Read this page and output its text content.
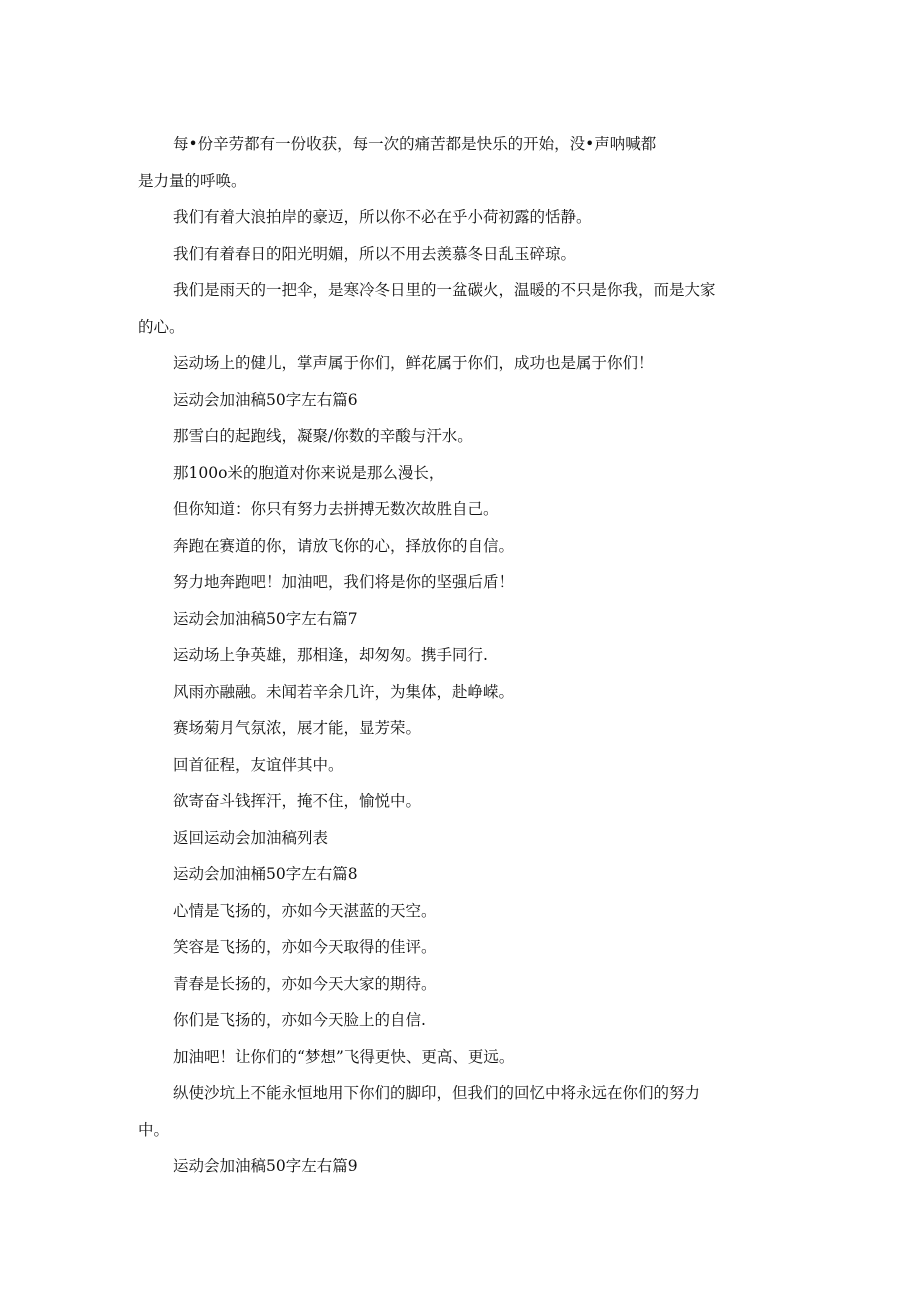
每•份辛劳都有一份收获，每一次的痛苦都是快乐的开始，没•声呐喊都
是力量的呼唤。
我们有着大浪拍岸的豪迈，所以你不必在乎小荷初露的恬静。
我们有着春日的阳光明媚，所以不用去羡慕冬日乱玉碎琼。
我们是雨天的一把伞，是寒冷冬日里的一盆碳火，温暖的不只是你我，而是大家
的心。
运动场上的健儿，掌声属于你们，鲜花属于你们，成功也是属于你们！
运动会加油稿50字左右篇6
那雪白的起跑线，凝聚/你数的辛酸与汗水。
那100o米的胞道对你来说是那么漫长，
但你知道：你只有努力去拼搏无数次故胜自己。
奔跑在赛道的你，请放飞你的心，择放你的自信。
努力地奔跑吧！加油吧，我们将是你的坚强后盾！
运动会加油稿50字左右篇7
运动场上争英雄，那相逢，却匆匆。携手同行.
风雨亦融融。未闻若辛余几许，为集体，赴峥嵘。
赛场菊月气氛浓，展才能，显芳荣。
回首征程，友谊伴其中。
欲寄奋斗钱挥汗，掩不住，愉悦中。
返回运动会加油稿列表
运动会加油桶50字左右篇8
心情是飞扬的，亦如今天湛蓝的天空。
笑容是飞扬的，亦如今天取得的佳评。
青春是长扬的，亦如今天大家的期待。
你们是飞扬的，亦如今天脸上的自信.
加油吧！让你们的“梦想”飞得更快、更高、更远。
纵使沙坑上不能永恒地用下你们的脚印，但我们的回忆中将永远在你们的努力
中。
运动会加油稿50字左右篇9
